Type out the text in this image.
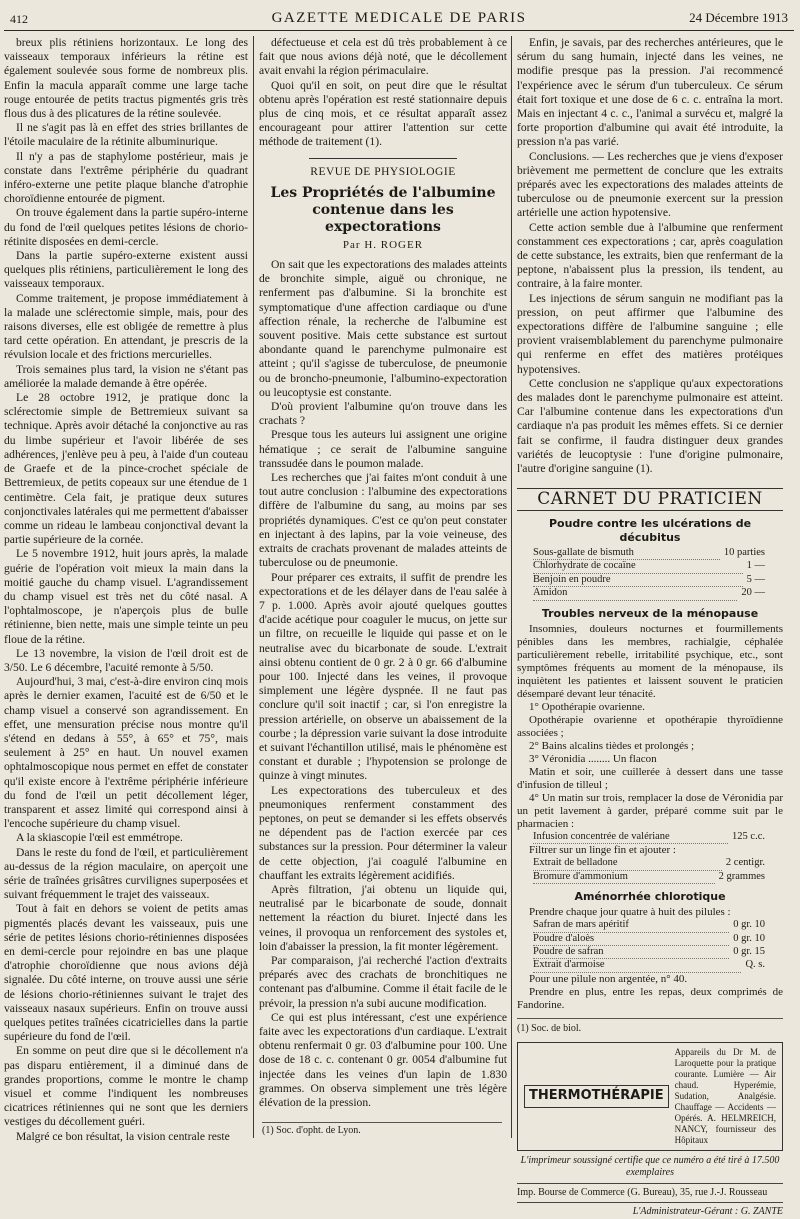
412	GAZETTE MEDICALE DE PARIS	24 Décembre 1913

breux plis rétiniens horizontaux. Le long des vaisseaux temporaux inférieurs la rétine est également soulevée sous forme de nombreux plis. Enfin la macula apparaît comme une large tache rouge entourée de petits tractus pigmentés gris très flous dus à des plicatures de la rétine soulevée.

Il ne s'agit pas là en effet des stries brillantes de l'étoile maculaire de la rétinite albuminurique.

Il n'y a pas de staphylome postérieur, mais je constate dans l'extrême périphérie du quadrant inféro-externe une petite plaque blanche d'atrophie choroïdienne entourée de pigment.

On trouve également dans la partie supéro-interne du fond de l'œil quelques petites lésions de chorio-rétinite disposées en demi-cercle.

Dans la partie supéro-externe existent aussi quelques plis rétiniens, particulièrement le long des vaisseaux temporaux.

Comme traitement, je propose immédiatement à la malade une sclérectomie simple, mais, pour des raisons diverses, elle est obligée de remettre à plus tard cette opération. En attendant, je prescris de la révulsion locale et des frictions mercurielles.

Trois semaines plus tard, la vision ne s'étant pas améliorée la malade demande à être opérée.

Le 28 octobre 1912, je pratique donc la sclérectomie simple de Bettremieux suivant sa technique. Après avoir détaché la conjonctive au ras du limbe supérieur et l'avoir libérée de ses adhérences, j'enlève peu à peu, à l'aide d'un couteau de Graefe et de la pince-crochet spéciale de Bettremieux, de petits copeaux sur une étendue de 1 centimètre. Cela fait, je pratique deux sutures conjonctivales latérales qui me permettent d'abaisser comme un rideau le lambeau conjonctival devant la partie supérieure de la cornée.

Le 5 novembre 1912, huit jours après, la malade guérie de l'opération voit mieux la main dans la moitié gauche du champ visuel. L'agrandissement du champ visuel est très net du côté nasal. A l'ophtalmoscope, je n'aperçois plus de bulle rétinienne, bien nette, mais une simple teinte un peu floue de la rétine.

Le 13 novembre, la vision de l'œil droit est de 3/50. Le 6 décembre, l'acuité remonte à 5/50.

Aujourd'hui, 3 mai, c'est-à-dire environ cinq mois après le dernier examen, l'acuité est de 6/50 et le champ visuel a conservé son agrandissement. En effet, une mensuration précise nous montre qu'il s'étend en dedans à 55°, à 65° et 75°, mais seulement à 25° en haut. Un nouvel examen ophtalmoscopique nous permet en effet de constater qu'il existe encore à l'extrême périphérie inférieure du fond de l'œil un petit décollement léger, transparent et assez limité qui correspond ainsi à l'encoche supérieure du champ visuel.

A la skiascopie l'œil est emmétrope.

Dans le reste du fond de l'œil, et particulièrement au-dessus de la région maculaire, on aperçoit une série de traînées grisâtres curvilignes superposées et suivant fréquemment le trajet des vaisseaux.

Tout à fait en dehors se voient de petits amas pigmentés placés devant les vaisseaux, puis une série de petites lésions chorio-rétiniennes disposées en demi-cercle pour rejoindre en bas une plaque d'atrophie choroïdienne que nous avions déjà signalée. Du côté interne, on trouve aussi une série de lésions chorio-rétiniennes suivant le trajet des vaisseaux nasaux supérieurs. Enfin on trouve aussi quelques petites traînées cicatricielles dans la partie supérieure du fond de l'œil.

En somme on peut dire que si le décollement n'a pas disparu entièrement, il a diminué dans de grandes proportions, comme le montre le champ visuel et comme l'indiquent les nombreuses cicatrices rétiniennes qui ne sont que les derniers vestiges du décollement guéri.

Malgré ce bon résultat, la vision centrale reste

défectueuse et cela est dû très probablement à ce fait que nous avions déjà noté, que le décollement avait envahi la région périmaculaire.

Quoi qu'il en soit, on peut dire que le résultat obtenu après l'opération est resté stationnaire depuis plus de cinq mois, et ce résultat apparaît assez encourageant pour attirer l'attention sur cette méthode de traitement (1).

REVUE DE PHYSIOLOGIE
Les Propriétés de l'albumine contenue dans les expectorations
Par H. ROGER

On sait que les expectorations des malades atteints de bronchite simple, aiguë ou chronique, ne renferment pas d'albumine. Si la bronchite est symptomatique d'une affection cardiaque ou d'une affection rénale, la recherche de l'albumine est souvent positive. Mais cette substance est surtout abondante quand le parenchyme pulmonaire est atteint ; qu'il s'agisse de tuberculose, de pneumonie ou de broncho-pneumonie, l'albumino-expectoration ou leucoptysie est constante.

D'où provient l'albumine qu'on trouve dans les crachats ?

Presque tous les auteurs lui assignent une origine hématique ; ce serait de l'albumine sanguine transsudée dans le poumon malade.

Les recherches que j'ai faites m'ont conduit à une tout autre conclusion : l'albumine des expectorations diffère de l'albumine du sang, au moins par ses propriétés dynamiques. C'est ce qu'on peut constater en injectant à des lapins, par la voie veineuse, des extraits de crachats provenant de malades atteints de tuberculose ou de pneumonie.

Pour préparer ces extraits, il suffit de prendre les expectorations et de les délayer dans de l'eau salée à 7 p. 1.000. Après avoir ajouté quelques gouttes d'acide acétique pour coaguler le mucus, on jette sur un filtre, on recueille le liquide qui passe et on le neutralise avec du bicarbonate de soude. L'extrait ainsi obtenu contient de 0 gr. 2 à 0 gr. 66 d'albumine pour 100. Injecté dans les veines, il provoque simplement une légère dyspnée. Il ne faut pas conclure qu'il soit inactif ; car, si l'on enregistre la pression artérielle, on observe un abaissement de la courbe ; la dépression varie suivant la dose introduite et suivant l'échantillon utilisé, mais le phénomène est constant et durable ; l'hypotension se prolonge de quinze à vingt minutes.

Les expectorations des tuberculeux et des pneumoniques renferment constamment des peptones, on peut se demander si les effets observés ne dépendent pas de l'action exercée par ces substances sur la pression. Pour déterminer la valeur de cette objection, j'ai coagulé l'albumine en chauffant les extraits légèrement acidifiés.

Après filtration, j'ai obtenu un liquide qui, neutralisé par le bicarbonate de soude, donnait nettement la réaction du biuret. Injecté dans les veines, il provoqua un renforcement des systoles et, loin d'abaisser la pression, la fit monter légèrement.

Par comparaison, j'ai recherché l'action d'extraits préparés avec des crachats de bronchitiques ne contenant pas d'albumine. Comme il était facile de le prévoir, la pression n'a subi aucune modification.

Ce qui est plus intéressant, c'est une expérience faite avec les expectorations d'un cardiaque. L'extrait obtenu renfermait 0 gr. 03 d'albumine pour 100. Une dose de 18 c. c. contenant 0 gr. 0054 d'albumine fut injectée dans les veines d'un lapin de 1.830 grammes. On observa simplement une très légère élévation de la pression.

(1) Soc. d'opht. de Lyon.

Enfin, je savais, par des recherches antérieures, que le sérum du sang humain, injecté dans les veines, ne modifie presque pas la pression. J'ai recommencé l'expérience avec le sérum d'un tuberculeux. Ce sérum était fort toxique et une dose de 6 c. c. entraîna la mort. Mais en injectant 4 c. c., l'animal a survécu et, malgré la forte proportion d'albumine qui avait été introduite, la pression n'a pas varié.

Conclusions. — Les recherches que je viens d'exposer brièvement me permettent de conclure que les extraits préparés avec les expectorations des malades atteints de tuberculose ou de pneumonie exercent sur la pression artérielle une action hypotensive.

Cette action semble due à l'albumine que renferment constamment ces expectorations ; car, après coagulation de cette substance, les extraits, bien que renfermant de la peptone, n'abaissent plus la pression, ils tendent, au contraire, à la faire monter.

Les injections de sérum sanguin ne modifiant pas la pression, on peut affirmer que l'albumine des expectorations diffère de l'albumine sanguine ; elle provient vraisemblablement du parenchyme pulmonaire qui renferme en effet des matières protéiques hypotensives.

Cette conclusion ne s'applique qu'aux expectorations des malades dont le parenchyme pulmonaire est atteint. Car l'albumine contenue dans les expectorations d'un cardiaque n'a pas produit les mêmes effets. Si ce dernier fait se confirme, il faudra distinguer deux grandes variétés de leucoptysie : l'une d'origine pulmonaire, l'autre d'origine sanguine (1).

CARNET DU PRATICIEN
Poudre contre les ulcérations de décubitus
Sous-gallate de bismuth	10 parties
Chlorhydrate de cocaïne	1 —
Benjoin en poudre	5 —
Amidon	20 —
Troubles nerveux de la ménopause

Insomnies, douleurs nocturnes et fourmillements pénibles dans les membres, rachialgie, céphalée particulièrement rebelle, irritabilité psychique, etc., sont symptômes fréquents au moment de la ménopause, ils inquiètent les patientes et laissent souvent le praticien désemparé devant leur ténacité.

1° Opothérapie ovarienne.

Opothérapie ovarienne et opothérapie thyroïdienne associées ;

2° Bains alcalins tièdes et prolongés ;

3° Véronidia ........ Un flacon

Matin et soir, une cuillerée à dessert dans une tasse d'infusion de tilleul ;

4° Un matin sur trois, remplacer la dose de Véronidia par un petit lavement à garder, préparé comme suit par le pharmacien :

Infusion concentrée de valériane	125 c.c.

Filtrer sur un linge fin et ajouter :

Extrait de belladone	2 centigr.
Bromure d'ammonium	2 grammes
Aménorrhée chlorotique

Prendre chaque jour quatre à huit des pilules :

Safran de mars apéritif	0 gr. 10
Poudre d'aloès	0 gr. 10
Poudre de safran	0 gr. 15
Extrait d'armoise	Q. s.

Pour une pilule non argentée, n° 40.

Prendre en plus, entre les repas, deux comprimés de Fandorine.

(1) Soc. de biol.
THERMOTHÉRAPIE
Appareils du Dr M. de Laroquette pour la pratique courante. Lumière — Air chaud. Hyperémie, Sudation, Analgésie. Chauffage — Accidents — Opérés. A. HELMREICH, NANCY, fournisseur des Hôpitaux
L'imprimeur soussigné certifie que ce numéro a été tiré à 17.500 exemplaires
Imp. Bourse de Commerce (G. Bureau), 35, rue J.-J. Rousseau
L'Administrateur-Gérant : G. ZANTE
